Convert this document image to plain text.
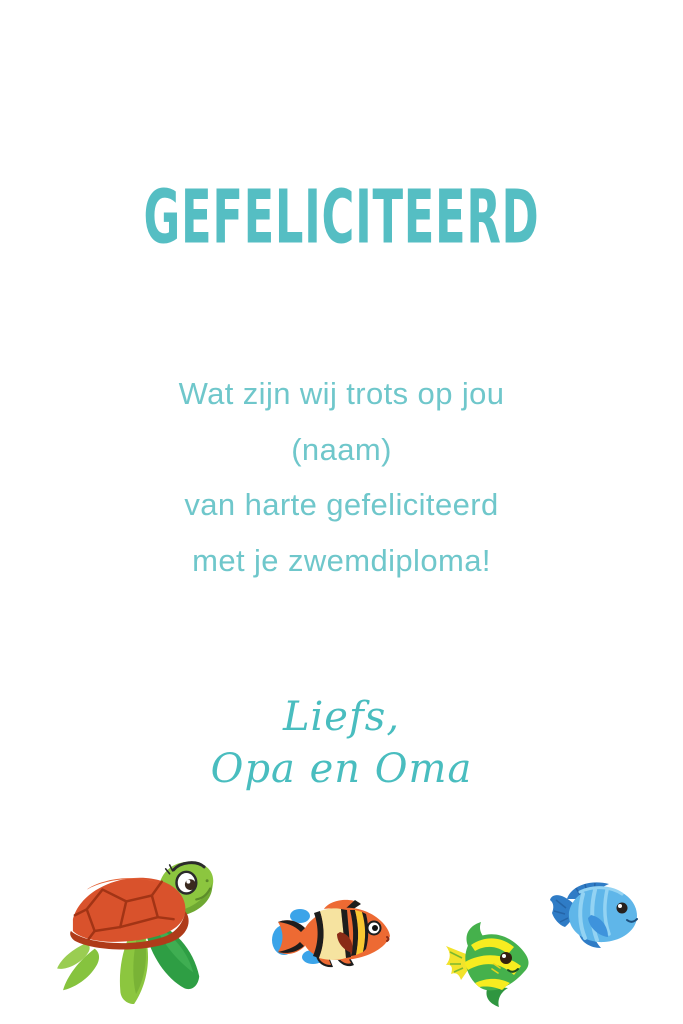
GEFELICITEERD
Wat zijn wij trots op jou
(naam)
van harte gefeliciteerd
met je zwemdiploma!
Liefs,
Opa en Oma
